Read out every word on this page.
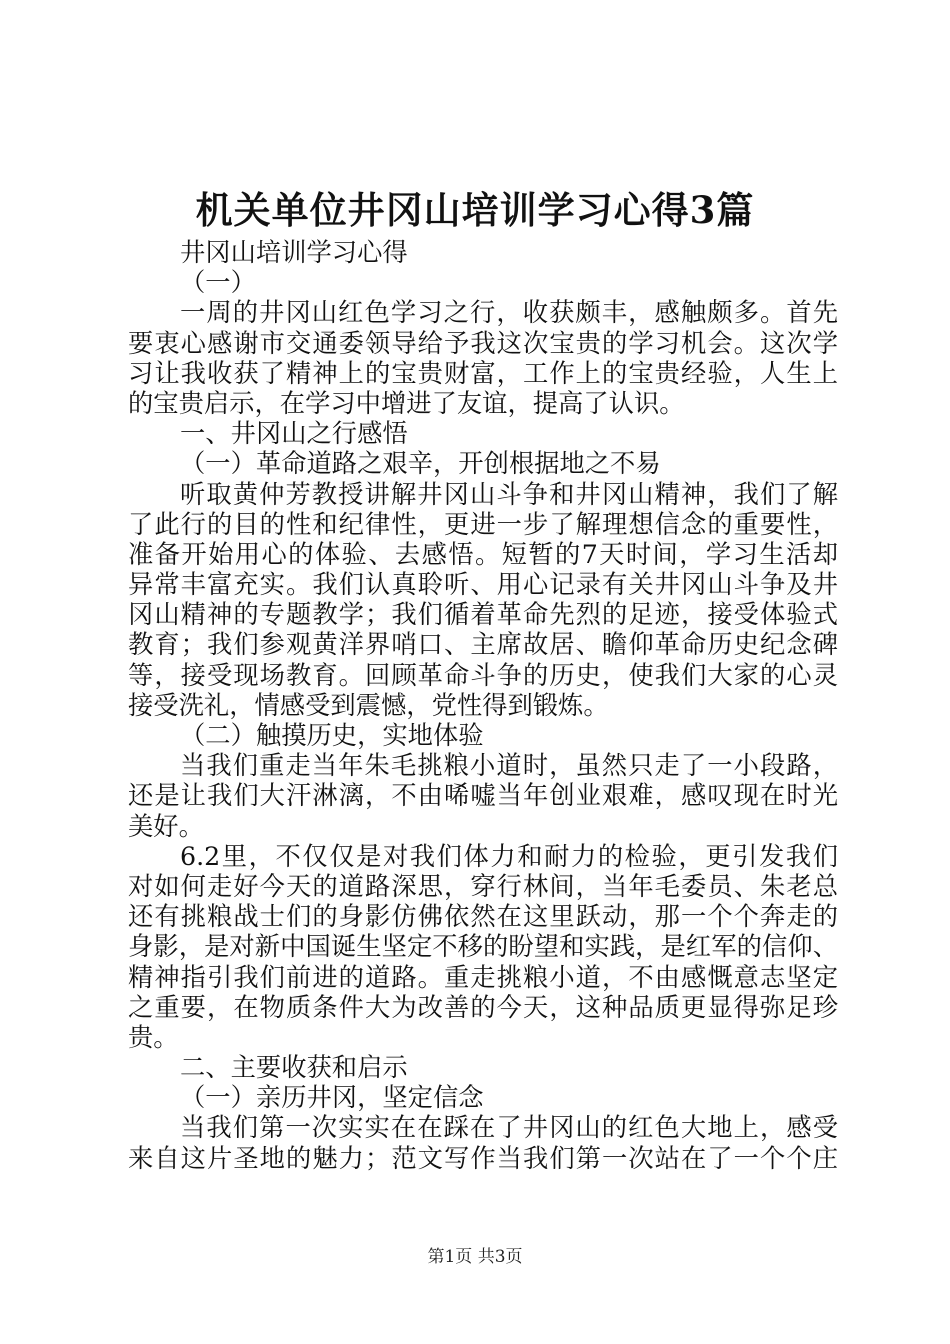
机关单位井冈山培训学习心得3篇
井冈山培训学习心得
（一）
一周的井冈山红色学习之行，收获颇丰，感触颇多。首先
要衷心感谢市交通委领导给予我这次宝贵的学习机会。这次学
习让我收获了精神上的宝贵财富，工作上的宝贵经验，人生上
的宝贵启示，在学习中增进了友谊，提高了认识。
一、井冈山之行感悟
（一）革命道路之艰辛，开创根据地之不易
听取黄仲芳教授讲解井冈山斗争和井冈山精神，我们了解
了此行的目的性和纪律性，更进一步了解理想信念的重要性，
准备开始用心的体验、去感悟。短暂的7天时间，学习生活却
异常丰富充实。我们认真聆听、用心记录有关井冈山斗争及井
冈山精神的专题教学；我们循着革命先烈的足迹，接受体验式
教育；我们参观黄洋界哨口、主席故居、瞻仰革命历史纪念碑
等，接受现场教育。回顾革命斗争的历史，使我们大家的心灵
接受洗礼，情感受到震憾，党性得到锻炼。
（二）触摸历史，实地体验
当我们重走当年朱毛挑粮小道时，虽然只走了一小段路，
还是让我们大汗淋漓，不由唏嘘当年创业艰难，感叹现在时光
美好。
6.2里，不仅仅是对我们体力和耐力的检验，更引发我们
对如何走好今天的道路深思，穿行林间，当年毛委员、朱老总
还有挑粮战士们的身影仿佛依然在这里跃动，那一个个奔走的
身影，是对新中国诞生坚定不移的盼望和实践，是红军的信仰、
精神指引我们前进的道路。重走挑粮小道，不由感慨意志坚定
之重要，在物质条件大为改善的今天，这种品质更显得弥足珍
贵。
二、主要收获和启示
（一）亲历井冈，坚定信念
当我们第一次实实在在踩在了井冈山的红色大地上，感受
来自这片圣地的魅力；范文写作当我们第一次站在了一个个庄
第1页 共3页
